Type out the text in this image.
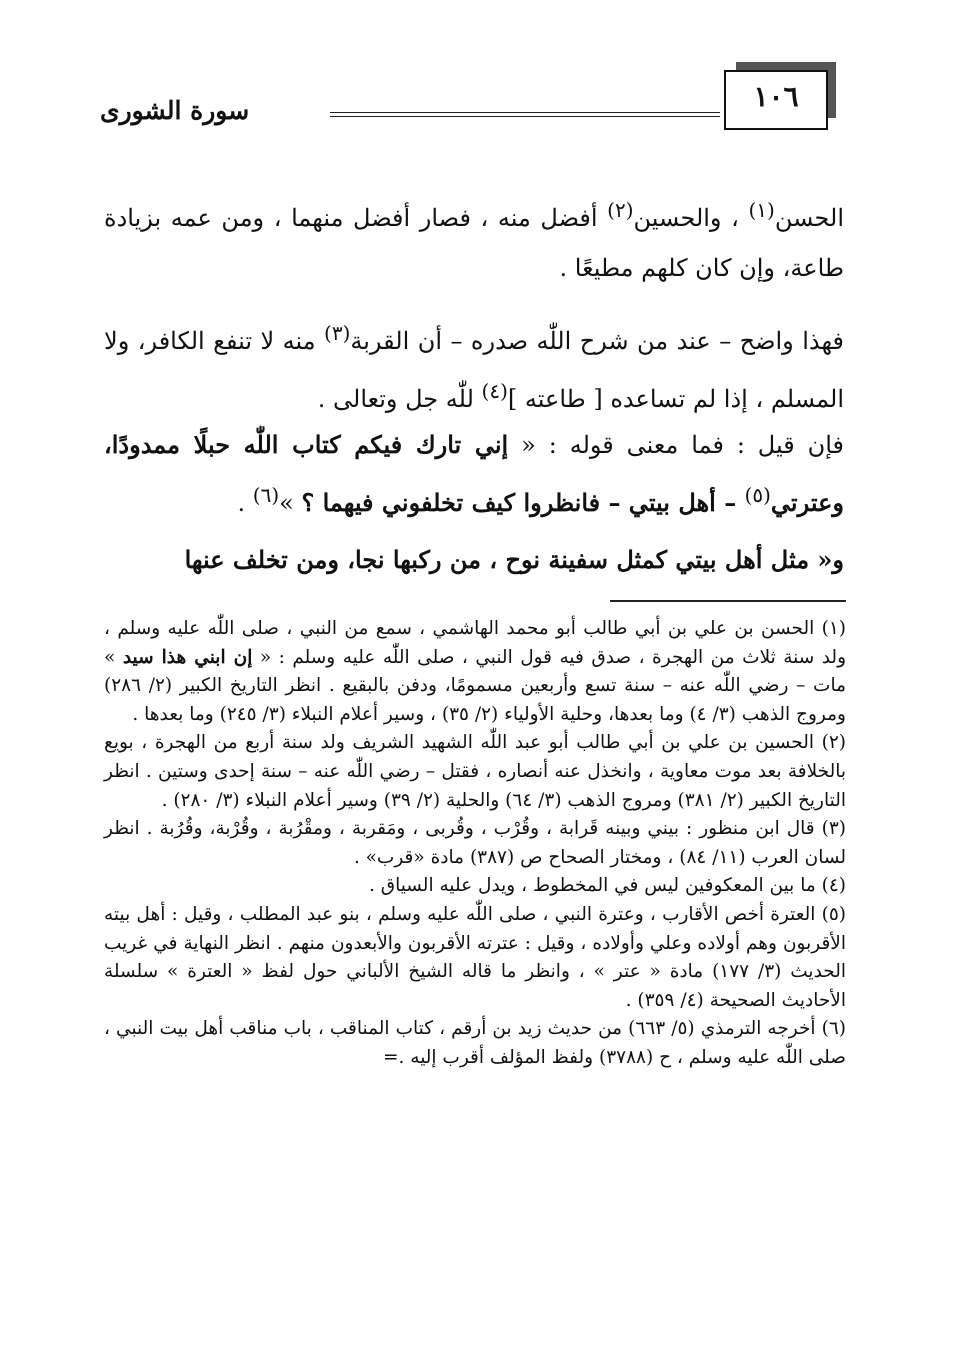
١٠٦
سورة الشورى
الحسن$^{(١)}$ ، والحسين$^{(٢)}$ أفضل منه ، فصار أفضل منهما ، ومن عمه بزيادة طاعة، وإن كان كلهم مطيعًا .
فهذا واضح – عند من شرح اللّٰه صدره – أن القربة$^{(٣)}$ منه لا تنفع الكافر، ولا المسلم ، إذا لم تساعده [ طاعته ]$^{(٤)}$ للّٰه جل وتعالى .
فإن قيل : فما معنى قوله : « إني تارك فيكم كتاب اللّٰه حبلًا ممدودًا، وعترتي$^{(٥)}$ – أهل بيتي – فانظروا كيف تخلفوني فيهما ؟ »$^{(٦)}$ .
و« مثل أهل بيتي كمثل سفينة نوح ، من ركبها نجا، ومن تخلف عنها

(١) الحسن بن علي بن أبي طالب أبو محمد الهاشمي ، سمع من النبي ، صلى اللّٰه عليه وسلم ، ولد سنة ثلاث من الهجرة ، صدق فيه قول النبي ، صلى اللّٰه عليه وسلم : « إن ابني هذا سيد » مات – رضي اللّٰه عنه – سنة تسع وأربعين مسمومًا، ودفن بالبقيع . انظر التاريخ الكبير (٢/ ٢٨٦) ومروج الذهب (٣/ ٤) وما بعدها، وحلية الأولياء (٢/ ٣٥) ، وسير أعلام النبلاء (٣/ ٢٤٥) وما بعدها .

(٢) الحسين بن علي بن أبي طالب أبو عبد اللّٰه الشهيد الشريف ولد سنة أربع من الهجرة ، بويع بالخلافة بعد موت معاوية ، وانخذل عنه أنصاره ، فقتل – رضي اللّٰه عنه – سنة إحدى وستين . انظر التاريخ الكبير (٢/ ٣٨١) ومروج الذهب (٣/ ٦٤) والحلية (٢/ ٣٩) وسير أعلام النبلاء (٣/ ٢٨٠) .

(٣) قال ابن منظور : بيني وبينه قَرابة ، وقُرْب ، وقُربى ، ومَقربة ، ومقْرُبة ، وقُرْبة، وقُرُبة . انظر لسان العرب (١١/ ٨٤) ، ومختار الصحاح ص (٣٨٧) مادة «قرب» .

(٤) ما بين المعكوفين ليس في المخطوط ، ويدل عليه السياق .

(٥) العترة أخص الأقارب ، وعترة النبي ، صلى اللّٰه عليه وسلم ، بنو عبد المطلب ، وقيل : أهل بيته الأقربون وهم أولاده وعلي وأولاده ، وقيل : عترته الأقربون والأبعدون منهم . انظر النهاية في غريب الحديث (٣/ ١٧٧) مادة « عتر » ، وانظر ما قاله الشيخ الألباني حول لفظ « العترة » سلسلة الأحاديث الصحيحة (٤/ ٣٥٩) .

(٦) أخرجه الترمذي (٥/ ٦٦٣) من حديث زيد بن أرقم ، كتاب المناقب ، باب مناقب أهل بيت النبي ، صلى اللّٰه عليه وسلم ، ح (٣٧٨٨) ولفظ المؤلف أقرب إليه .=
